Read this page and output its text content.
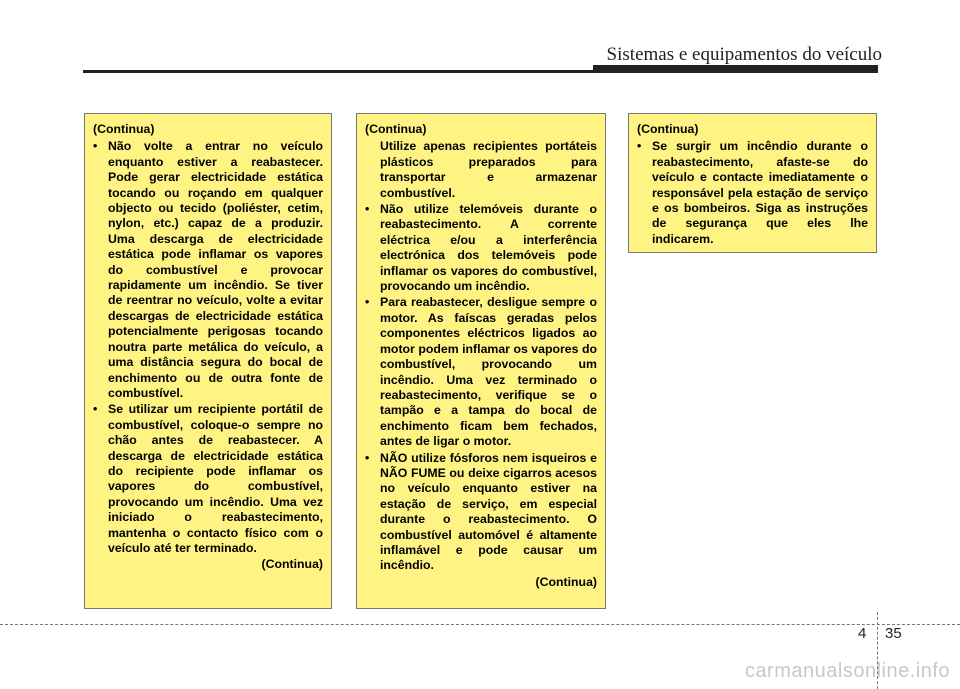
Sistemas e equipamentos do veículo
(Continua)
• Não volte a entrar no veículo enquanto estiver a reabastecer. Pode gerar electricidade estática tocando ou roçando em qualquer objecto ou tecido (poliéster, cetim, nylon, etc.) capaz de a produzir. Uma descarga de electricidade estática pode inflamar os vapores do combustível e provocar rapidamente um incêndio. Se tiver de reentrar no veículo, volte a evitar descargas de electricidade estática potencialmente perigosas tocando noutra parte metálica do veículo, a uma distância segura do bocal de enchimento ou de outra fonte de combustível.
• Se utilizar um recipiente portátil de combustível, coloque-o sempre no chão antes de reabastecer. A descarga de electricidade estática do recipiente pode inflamar os vapores do combustível, provocando um incêndio. Uma vez iniciado o reabastecimento, mantenha o contacto físico com o veículo até ter terminado.
(Continua)
(Continua)
Utilize apenas recipientes portáteis plásticos preparados para transportar e armazenar combustível.
• Não utilize telemóveis durante o reabastecimento. A corrente eléctrica e/ou a interferência electrónica dos telemóveis pode inflamar os vapores do combustível, provocando um incêndio.
• Para reabastecer, desligue sempre o motor. As faíscas geradas pelos componentes eléctricos ligados ao motor podem inflamar os vapores do combustível, provocando um incêndio. Uma vez terminado o reabastecimento, verifique se o tampão e a tampa do bocal de enchimento ficam bem fechados, antes de ligar o motor.
• NÃO utilize fósforos nem isqueiros e NÃO FUME ou deixe cigarros acesos no veículo enquanto estiver na estação de serviço, em especial durante o reabastecimento. O combustível automóvel é altamente inflamável e pode causar um incêndio.
(Continua)
(Continua)
• Se surgir um incêndio durante o reabastecimento, afaste-se do veículo e contacte imediatamente o responsável pela estação de serviço e os bombeiros. Siga as instruções de segurança que eles lhe indicarem.
4 35
carmanualsonline.info
